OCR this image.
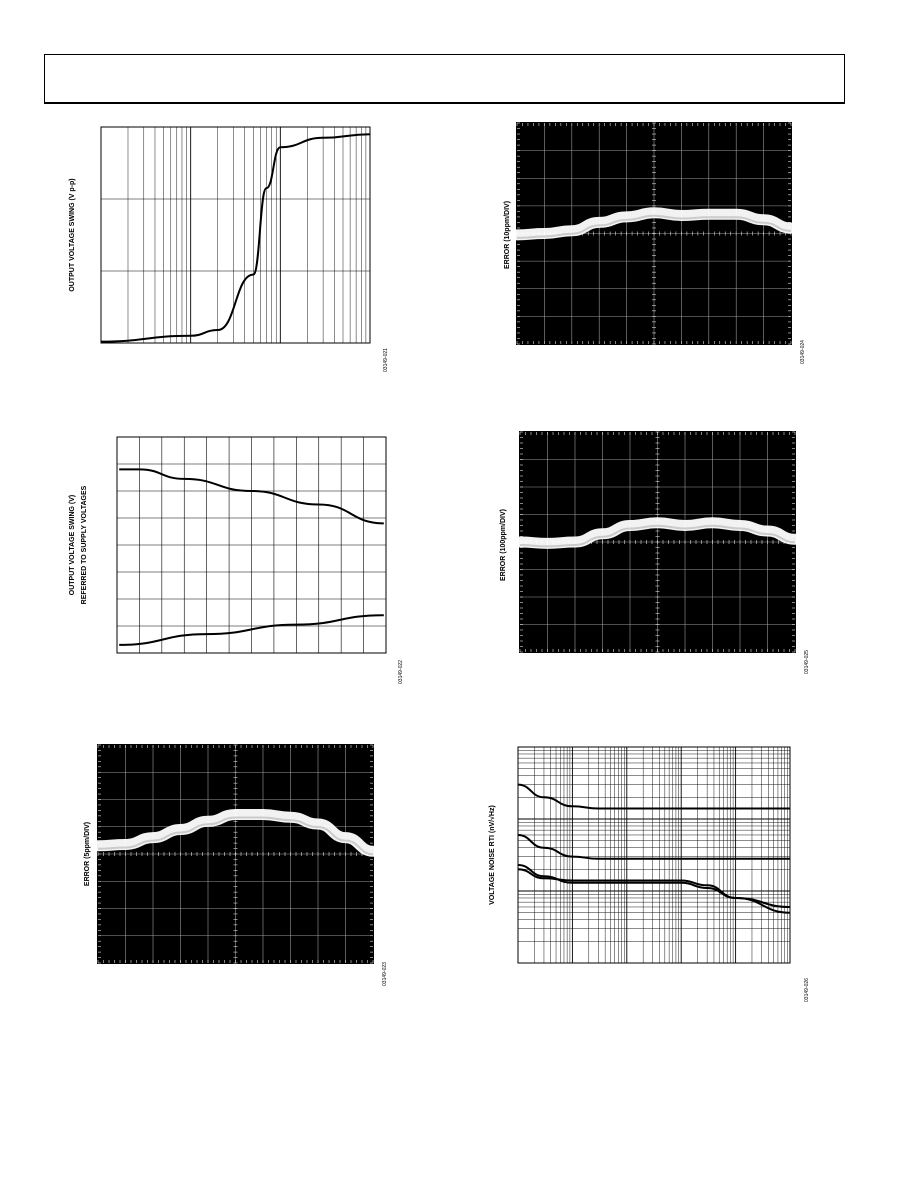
OUTPUT VOLTAGE SWING (V p-p)
03149-021
OUTPUT VOLTAGE SWING (V) REFERRED TO SUPPLY VOLTAGES
03149-022
ERROR (5ppm/DIV)
03149-023
ERROR (10ppm/DIV)
03149-024
ERROR (100ppm/DIV)
03149-025
VOLTAGE NOISE RTI (nV/√Hz)
03149-026
